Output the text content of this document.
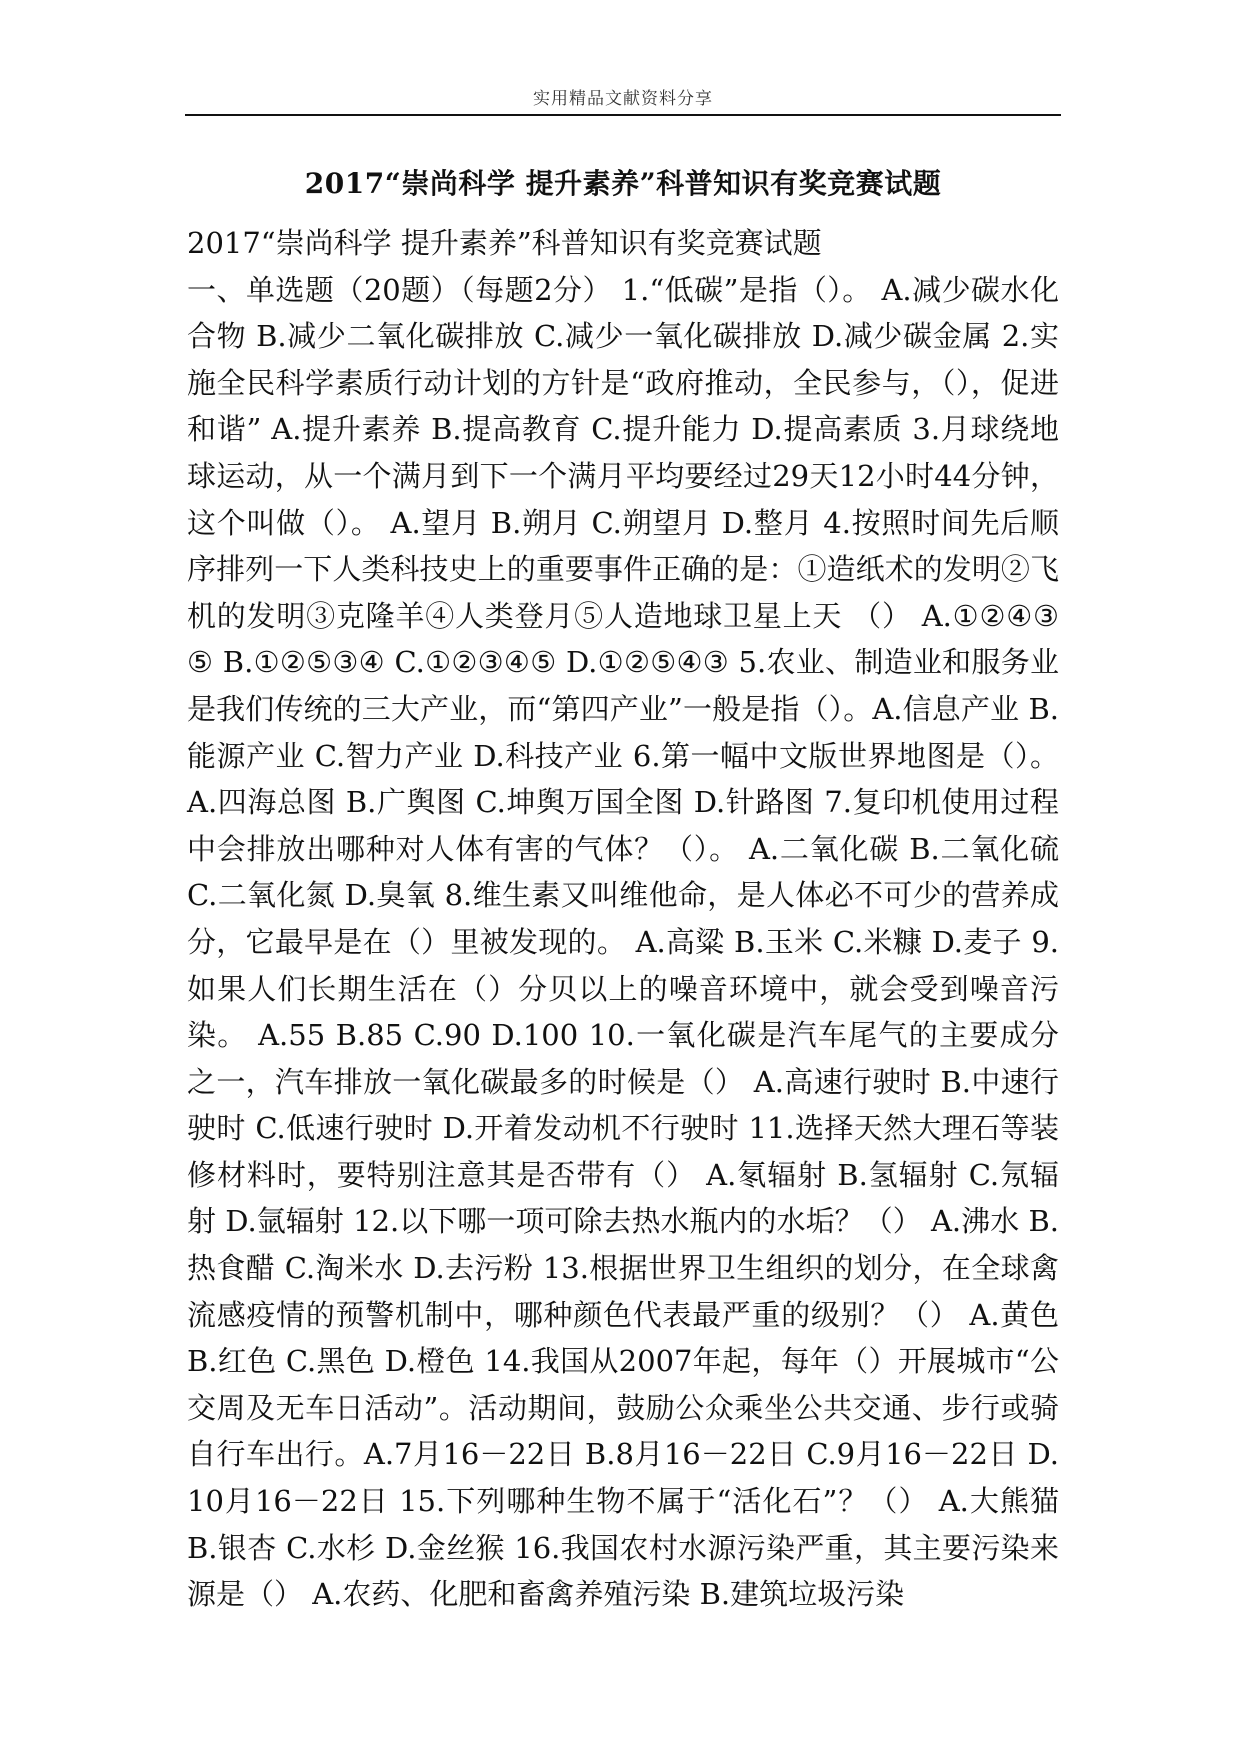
实用精品文献资料分享
2017“崇尚科学 提升素养”科普知识有奖竞赛试题

2017“崇尚科学 提升素养”科普知识有奖竞赛试题

一、单选题（20题）（每题2分） 1.“低碳”是指（）。 A.减少碳水化合物 B.减少二氧化碳排放 C.减少一氧化碳排放 D.减少碳金属 2.实施全民科学素质行动计划的方针是“政府推动，全民参与，（），促进和谐” A.提升素养 B.提高教育 C.提升能力 D.提高素质 3.月球绕地球运动，从一个满月到下一个满月平均要经过29天12小时44分钟，这个叫做（）。 A.望月 B.朔月 C.朔望月 D.整月 4.按照时间先后顺序排列一下人类科技史上的重要事件正确的是：①造纸术的发明②飞机的发明③克隆羊④人类登月⑤人造地球卫星上天 （） A.①②④③⑤ B.①②⑤③④ C.①②③④⑤ D.①②⑤④③ 5.农业、制造业和服务业是我们传统的三大产业，而“第四产业”一般是指（）。A.信息产业 B.能源产业 C.智力产业 D.科技产业 6.第一幅中文版世界地图是（）。 A.四海总图 B.广舆图 C.坤舆万国全图 D.针路图 7.复印机使用过程中会排放出哪种对人体有害的气体？（）。 A.二氧化碳 B.二氧化硫 C.二氧化氮 D.臭氧 8.维生素又叫维他命，是人体必不可少的营养成分，它最早是在（）里被发现的。 A.高粱 B.玉米 C.米糠 D.麦子 9.如果人们长期生活在（）分贝以上的噪音环境中，就会受到噪音污染。 A.55 B.85 C.90 D.100 10.一氧化碳是汽车尾气的主要成分之一，汽车排放一氧化碳最多的时候是（） A.高速行驶时 B.中速行驶时 C.低速行驶时 D.开着发动机不行驶时 11.选择天然大理石等装修材料时，要特别注意其是否带有（） A.氡辐射 B.氢辐射 C.氖辐射 D.氩辐射 12.以下哪一项可除去热水瓶内的水垢？（） A.沸水 B.热食醋 C.淘米水 D.去污粉 13.根据世界卫生组织的划分，在全球禽流感疫情的预警机制中，哪种颜色代表最严重的级别？（） A.黄色 B.红色 C.黑色 D.橙色 14.我国从2007年起，每年（）开展城市“公交周及无车日活动”。活动期间，鼓励公众乘坐公共交通、步行或骑自行车出行。A.7月16－22日 B.8月16－22日 C.9月16－22日 D.10月16－22日 15.下列哪种生物不属于“活化石”？（） A.大熊猫 B.银杏 C.水杉 D.金丝猴 16.我国农村水源污染严重，其主要污染来源是（） A.农药、化肥和畜禽养殖污染 B.建筑垃圾污染
